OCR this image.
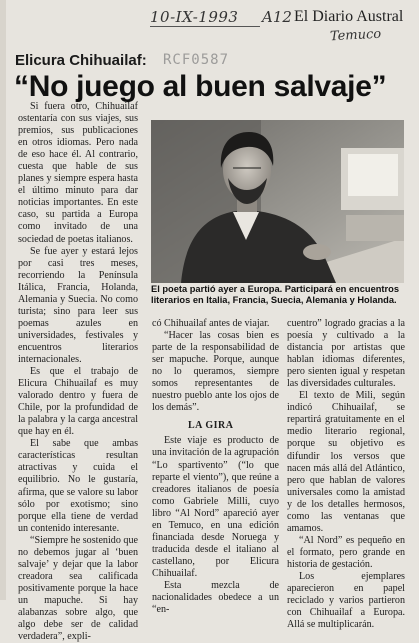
10-IX-1993 A12 El Diario Austral
Temuco
Elicura Chihuailaf: RCF0587
“No juego al buen salvaje”

Si fuera otro, Chihuailaf ostentaría con sus viajes, sus premios, sus publicaciones en otros idiomas. Pero nada de eso hace él. Al contrario, cuesta que hable de sus planes y siempre espera hasta el último minuto para dar noticias importantes. En este caso, su partida a Europa como invitado de una sociedad de poetas italianos.

Se fue ayer y estará lejos por casi tres meses, recorriendo la Península Itálica, Francia, Holanda, Alemania y Suecia. No como turista; sino para leer sus poemas azules en universidades, festivales y encuentros literarios internacionales.

Es que el trabajo de Elicura Chihuailaf es muy valorado dentro y fuera de Chile, por la profundidad de la palabra y la carga ancestral que hay en él.

El sabe que ambas características resultan atractivas y cuida el equilibrio. No le gustaría, afirma, que se valore su labor sólo por exotismo; sino porque ella tiene de verdad un contenido interesante.

“Siempre he sostenido que no debemos jugar al ‘buen salvaje’ y dejar que la labor creadora sea calificada positivamente porque la hace un mapuche. Si hay alabanzas sobre algo, que algo debe ser de calidad verdadera”, expli-

El poeta partió ayer a Europa. Participará en encuentros literarios en Italia, Francia, Suecia, Alemania y Holanda.

có Chihuailaf antes de viajar.

“Hacer las cosas bien es parte de la responsabilidad de ser mapuche. Porque, aunque no lo queramos, siempre somos representantes de nuestro pueblo ante los ojos de los demás”.

LA GIRA

Este viaje es producto de una invitación de la agrupación “Lo spartivento” (“lo que reparte el viento”), que reúne a creadores italianos de poesía como Gabriele Milli, cuyo libro “Al Nord” apareció ayer en Temuco, en una edición financiada desde Noruega y traducida desde el italiano al castellano, por Elicura Chihuailaf.

Esta mezcla de nacionalidades obedece a un “en-

cuentro” logrado gracias a la poesía y cultivado a la distancia por artistas que hablan idiomas diferentes, pero sienten igual y respetan las diversidades culturales.

El texto de Mili, según indicó Chihuailaf, se repartirá gratuitamente en el medio literario regional, porque su objetivo es difundir los versos que nacen más allá del Atlántico, pero que hablan de valores universales como la amistad y de los detalles hermosos, como las ventanas que amamos.

“Al Nord” es pequeño en el formato, pero grande en historia de gestación.

Los ejemplares aparecieron en papel reciclado y varios partieron con Chihuailaf a Europa. Allá se multiplicarán.
